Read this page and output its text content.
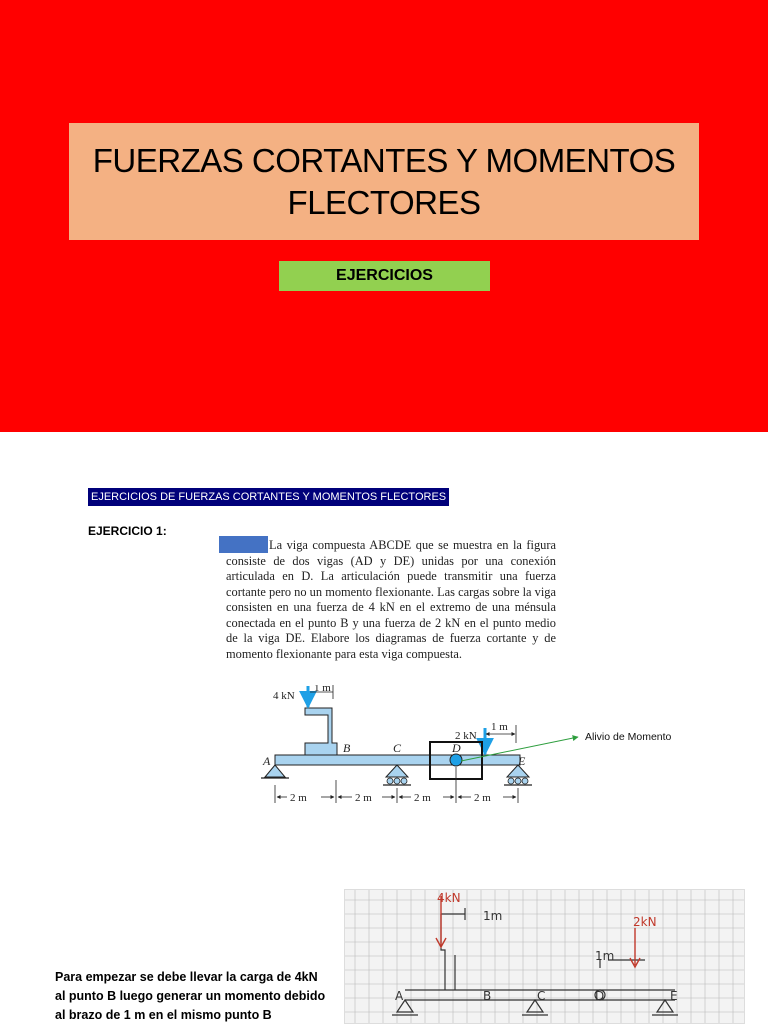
FUERZAS CORTANTES Y MOMENTOS FLECTORES
EJERCICIOS
EJERCICIOS DE FUERZAS CORTANTES Y MOMENTOS FLECTORES
EJERCICIO 1:
La viga compuesta ABCDE que se muestra en la figura consiste de dos vigas (AD y DE) unidas por una conexión articulada en D. La articulación puede transmitir una fuerza cortante pero no un momento flexionante. Las cargas sobre la viga consisten en una fuerza de 4 kN en el extremo de una ménsula conectada en el punto B y una fuerza de 2 kN en el punto medio de la viga DE. Elabore los diagramas de fuerza cortante y de momento flexionante para esta viga compuesta.
4 kN
1 m
2 kN
1 m
A
B	C	D
E
2 m	2 m	2 m	2 m
Alivio de Momento
4kN
1m
A	B	C	D	E
1m
2kN
Para empezar se debe llevar la carga de 4kN al punto B luego generar un momento debido al brazo de 1 m en el mismo punto B
